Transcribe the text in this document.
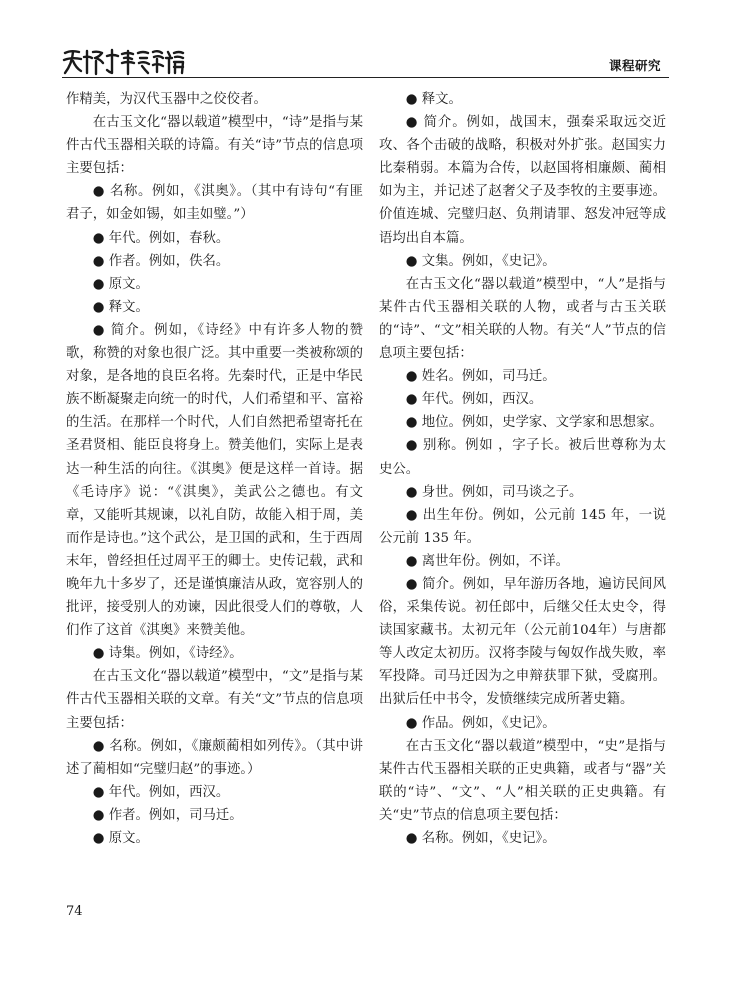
课程研究

作精美，为汉代玉器中之佼佼者。

在古玉文化“器以载道”模型中，“诗”是指与某件古代玉器相关联的诗篇。有关“诗”节点的信息项主要包括：

● 名称。例如，《淇奥》。（其中有诗句“有匪君子，如金如锡，如圭如璧。”）

● 年代。例如，春秋。

● 作者。例如，佚名。

● 原文。

● 释文。

● 简介。例如，《诗经》中有许多人物的赞歌，称赞的对象也很广泛。其中重要一类被称颂的对象，是各地的良臣名将。先秦时代，正是中华民族不断凝聚走向统一的时代，人们希望和平、富裕的生活。在那样一个时代，人们自然把希望寄托在圣君贤相、能臣良将身上。赞美他们，实际上是表达一种生活的向往。《淇奥》便是这样一首诗。据《毛诗序》说：“《淇奥》，美武公之德也。有文章，又能听其规谏，以礼自防，故能入相于周，美而作是诗也。”这个武公，是卫国的武和，生于西周末年，曾经担任过周平王的卿士。史传记载，武和晚年九十多岁了，还是谨慎廉洁从政，宽容别人的批评，接受别人的劝谏，因此很受人们的尊敬，人们作了这首《淇奥》来赞美他。

● 诗集。例如，《诗经》。

在古玉文化“器以载道”模型中，“文”是指与某件古代玉器相关联的文章。有关“文”节点的信息项主要包括：

● 名称。例如，《廉颇蔺相如列传》。（其中讲述了蔺相如“完璧归赵”的事迹。）

● 年代。例如，西汉。

● 作者。例如，司马迁。

● 原文。

● 释文。

● 简介。例如，战国末，强秦采取远交近攻、各个击破的战略，积极对外扩张。赵国实力比秦稍弱。本篇为合传，以赵国将相廉颇、蔺相如为主，并记述了赵奢父子及李牧的主要事迹。价值连城、完璧归赵、负荆请罪、怒发冲冠等成语均出自本篇。

● 文集。例如，《史记》。

在古玉文化“器以载道”模型中，“人”是指与某件古代玉器相关联的人物，或者与古玉关联的“诗”、“文”相关联的人物。有关“人”节点的信息项主要包括：

● 姓名。例如，司马迁。

● 年代。例如，西汉。

● 地位。例如，史学家、文学家和思想家。

● 别称。例如 ，字子长。被后世尊称为太史公。

● 身世。例如，司马谈之子。

● 出生年份。例如，公元前 145 年，一说公元前 135 年。

● 离世年份。例如，不详。

● 简介。例如，早年游历各地，遍访民间风俗，采集传说。初任郎中，后继父任太史令，得读国家藏书。太初元年（公元前104年）与唐都等人改定太初历。汉将李陵与匈奴作战失败，率军投降。司马迁因为之申辩获罪下狱，受腐刑。出狱后任中书令，发愤继续完成所著史籍。

● 作品。例如，《史记》。

在古玉文化“器以载道”模型中，“史”是指与某件古代玉器相关联的正史典籍，或者与“器”关联的“诗”、“文”、“人”相关联的正史典籍。有关“史”节点的信息项主要包括：

● 名称。例如，《史记》。

74
